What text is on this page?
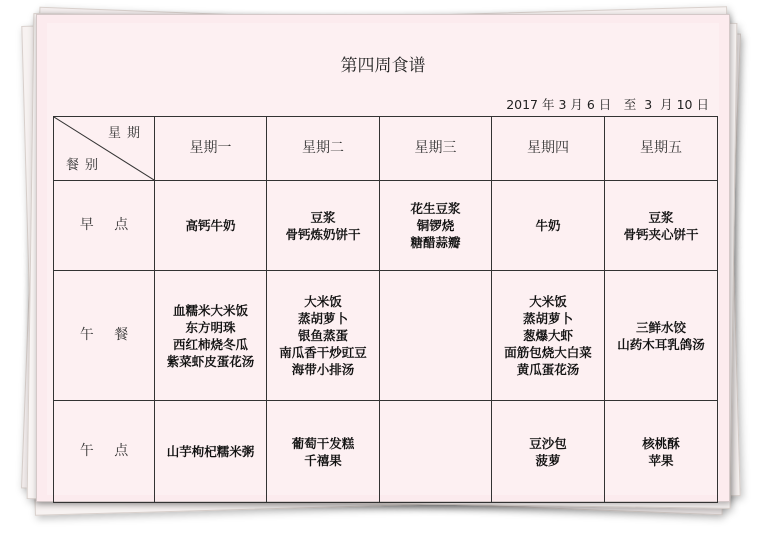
第四周食谱
2017 年 3 月 6 日　至  3  月 10 日
星期
餐别	星期一	星期二	星期三	星期四	星期五
早 点	高钙牛奶	豆浆
骨钙炼奶饼干	花生豆浆
铜锣烧
糖醋蒜瓣	牛奶	豆浆
骨钙夹心饼干

午 餐	血糯米大米饭
东方明珠
西红柿烧冬瓜
紫菜虾皮蛋花汤	大米饭
蒸胡萝卜
银鱼蒸蛋
南瓜香干炒豇豆
海带小排汤		大米饭
蒸胡萝卜
葱爆大虾
面筋包烧大白菜
黄瓜蛋花汤	三鲜水饺
山药木耳乳鸽汤

午 点	山芋枸杞糯米粥	葡萄干发糕
千禧果		豆沙包
菠萝	核桃酥
苹果
